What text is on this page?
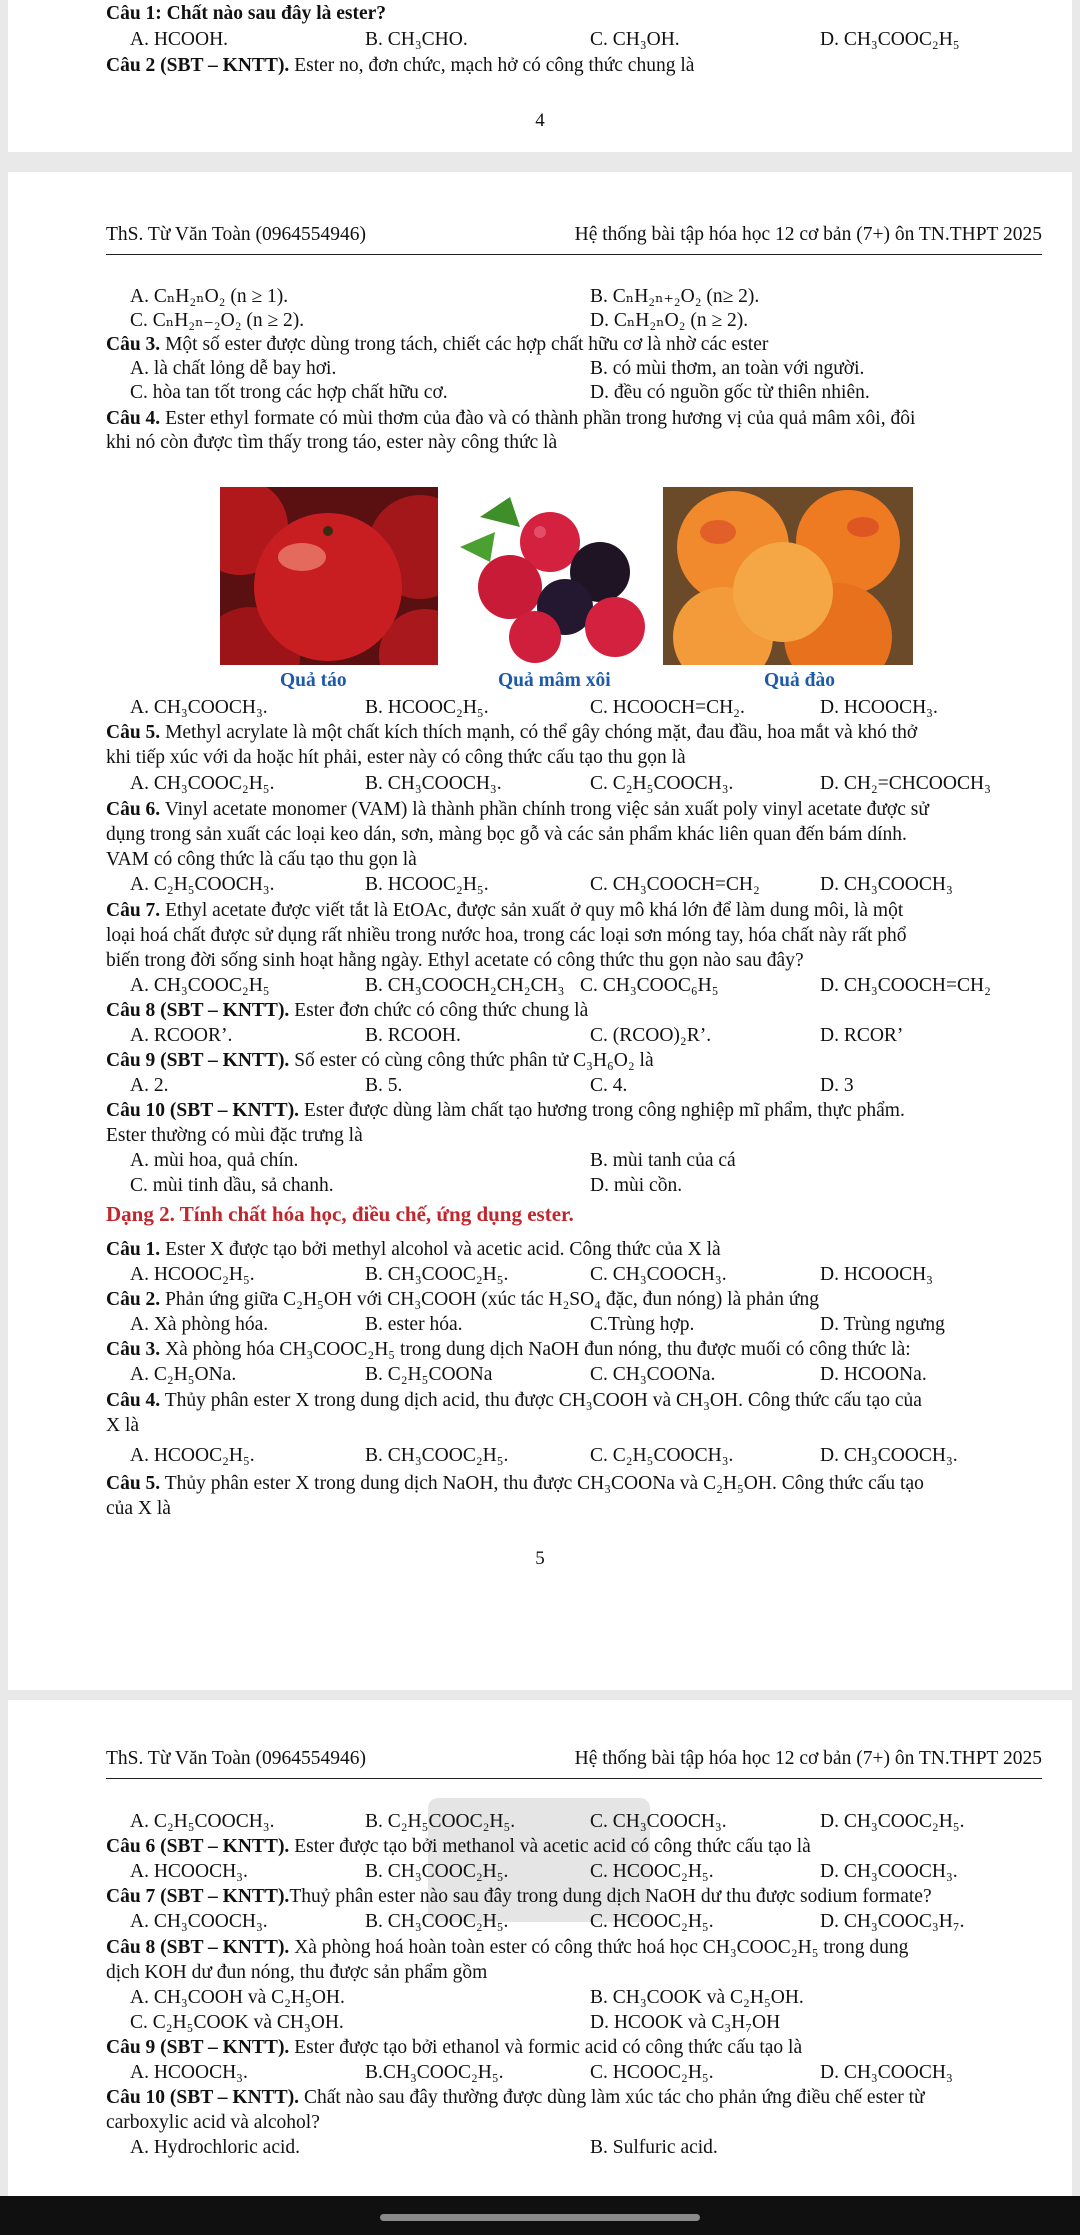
Câu 1: Chất nào sau đây là ester?
A. HCOOH.	B. CH₃CHO.	C. CH₃OH.	D. CH₃COOC₂H₅
Câu 2 (SBT – KNTT). Ester no, đơn chức, mạch hở có công thức chung là
4
ThS. Từ Văn Toàn (0964554946)	Hệ thống bài tập hóa học 12 cơ bản (7+) ôn TN.THPT 2025
A. CₙH₂ₙO₂ (n ≥ 1).	B. CₙH₂ₙ₊₂O₂ (n≥ 2).
C. CₙH₂ₙ₋₂O₂ (n ≥ 2).	D. CₙH₂ₙO₂ (n ≥ 2).
Câu 3. Một số ester được dùng trong tách, chiết các hợp chất hữu cơ là nhờ các ester
A. là chất lỏng dễ bay hơi.	B. có mùi thơm, an toàn với người.
C. hòa tan tốt trong các hợp chất hữu cơ.	D. đều có nguồn gốc từ thiên nhiên.
Câu 4. Ester ethyl formate có mùi thơm của đào và có thành phần trong hương vị của quả mâm xôi, đôi
khi nó còn được tìm thấy trong táo, ester này công thức là
Quả táo	Quả mâm xôi	Quả đào
A. CH₃COOCH₃.	B. HCOOC₂H₅.	C. HCOOCH=CH₂.	D. HCOOCH₃.
Câu 5. Methyl acrylate là một chất kích thích mạnh, có thể gây chóng mặt, đau đầu, hoa mắt và khó thở
khi tiếp xúc với da hoặc hít phải, ester này có công thức cấu tạo thu gọn là
A. CH₃COOC₂H₅.	B. CH₃COOCH₃.	C. C₂H₅COOCH₃.	D. CH₂=CHCOOCH₃
Câu 6. Vinyl acetate monomer (VAM) là thành phần chính trong việc sản xuất poly vinyl acetate được sử
dụng trong sản xuất các loại keo dán, sơn, màng bọc gỗ và các sản phẩm khác liên quan đến bám dính.
VAM có công thức là cấu tạo thu gọn là
A. C₂H₅COOCH₃.	B. HCOOC₂H₅.	C. CH₃COOCH=CH₂	D. CH₃COOCH₃
Câu 7. Ethyl acetate được viết tắt là EtOAc, được sản xuất ở quy mô khá lớn để làm dung môi, là một
loại hoá chất được sử dụng rất nhiều trong nước hoa, trong các loại sơn móng tay, hóa chất này rất phổ
biến trong đời sống sinh hoạt hằng ngày. Ethyl acetate có công thức thu gọn nào sau đây?
A. CH₃COOC₂H₅	B. CH₃COOCH₂CH₂CH₃ C. CH₃COOC₆H₅	D. CH₃COOCH=CH₂
Câu 8 (SBT – KNTT). Ester đơn chức có công thức chung là
A. RCOOR’.	B. RCOOH.	C. (RCOO)₂R’.	D. RCOR’
Câu 9 (SBT – KNTT). Số ester có cùng công thức phân tử C₃H₆O₂ là
A. 2.	B. 5.	C. 4.	D. 3
Câu 10 (SBT – KNTT). Ester được dùng làm chất tạo hương trong công nghiệp mĩ phẩm, thực phẩm.
Ester thường có mùi đặc trưng là
A. mùi hoa, quả chín.	B. mùi tanh của cá
C. mùi tinh dầu, sả chanh.	D. mùi cồn.
Dạng 2. Tính chất hóa học, điều chế, ứng dụng ester.
Câu 1. Ester X được tạo bởi methyl alcohol và acetic acid. Công thức của X là
A. HCOOC₂H₅.	B. CH₃COOC₂H₅.	C. CH₃COOCH₃.	D. HCOOCH₃
Câu 2. Phản ứng giữa C₂H₅OH với CH₃COOH (xúc tác H₂SO₄ đặc, đun nóng) là phản ứng
A. Xà phòng hóa.	B. ester hóa.	C.Trùng hợp.	D. Trùng ngưng
Câu 3. Xà phòng hóa CH₃COOC₂H₅ trong dung dịch NaOH đun nóng, thu được muối có công thức là:
A. C₂H₅ONa.	B. C₂H₅COONa	C. CH₃COONa.	D. HCOONa.
Câu 4. Thủy phân ester X trong dung dịch acid, thu được CH₃COOH và CH₃OH. Công thức cấu tạo của
X là
A. HCOOC₂H₅.	B. CH₃COOC₂H₅.	C. C₂H₅COOCH₃.	D. CH₃COOCH₃.
Câu 5. Thủy phân ester X trong dung dịch NaOH, thu được CH₃COONa và C₂H₅OH. Công thức cấu tạo
của X là
5
ThS. Từ Văn Toàn (0964554946)	Hệ thống bài tập hóa học 12 cơ bản (7+) ôn TN.THPT 2025
A. C₂H₅COOCH₃.	B. C₂H₅COOC₂H₅.	C. CH₃COOCH₃.	D. CH₃COOC₂H₅.
Câu 6 (SBT – KNTT). Ester được tạo bởi methanol và acetic acid có công thức cấu tạo là
A. HCOOCH₃.	B. CH₃COOC₂H₅.	C. HCOOC₂H₅.	D. CH₃COOCH₃.
Câu 7 (SBT – KNTT).Thuỷ phân ester nào sau đây trong dung dịch NaOH dư thu được sodium formate?
A. CH₃COOCH₃.	B. CH₃COOC₂H₅.	C. HCOOC₂H₅.	D. CH₃COOC₃H₇.
Câu 8 (SBT – KNTT). Xà phòng hoá hoàn toàn ester có công thức hoá học CH₃COOC₂H₅ trong dung
dịch KOH dư đun nóng, thu được sản phẩm gồm
A. CH₃COOH và C₂H₅OH.	B. CH₃COOK và C₂H₅OH.
C. C₂H₅COOK và CH₃OH.	D. HCOOK và C₃H₇OH
Câu 9 (SBT – KNTT). Ester được tạo bởi ethanol và formic acid có công thức cấu tạo là
A. HCOOCH₃.	B.CH₃COOC₂H₅.	C. HCOOC₂H₅.	D. CH₃COOCH₃
Câu 10 (SBT – KNTT). Chất nào sau đây thường được dùng làm xúc tác cho phản ứng điều chế ester từ
carboxylic acid và alcohol?
A. Hydrochloric acid.	B. Sulfuric acid.
